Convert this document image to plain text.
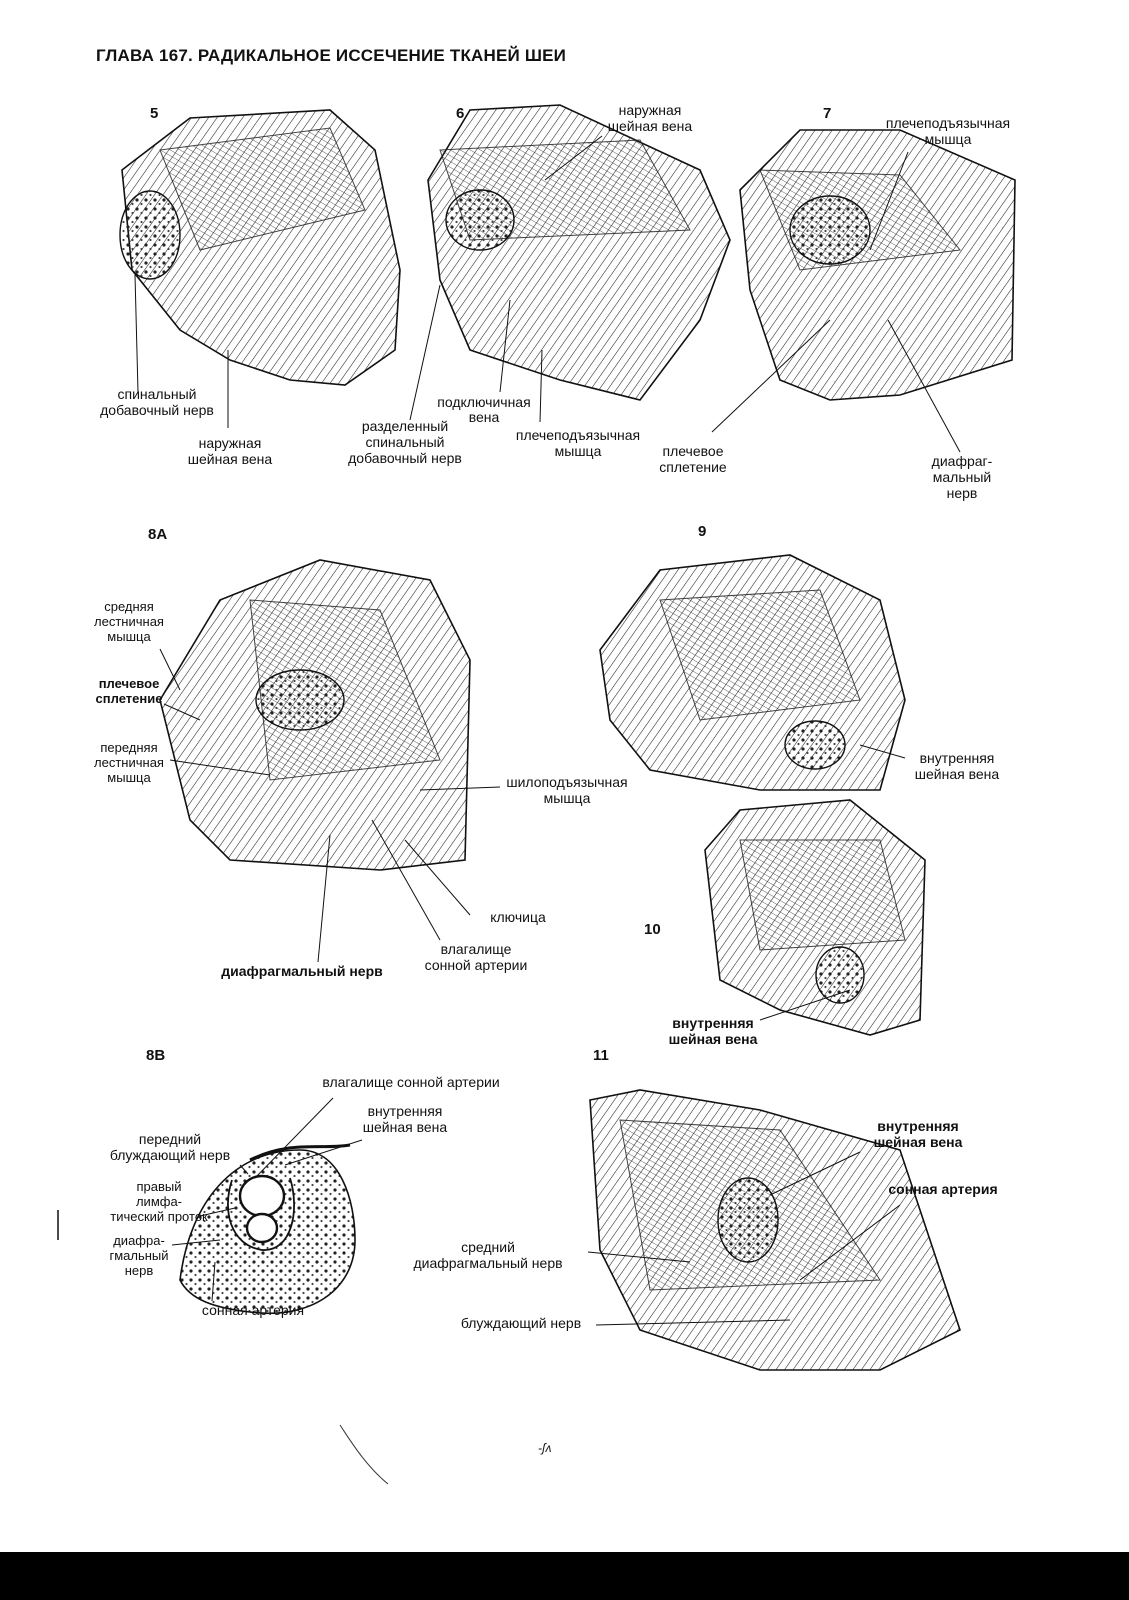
ГЛАВА 167. РАДИКАЛЬНОЕ ИССЕЧЕНИЕ ТКАНЕЙ ШЕИ
5
спинальный добавочный нерв
наружная шейная вена
6	наружная шейная вена
подключичная вена
разделенный спинальный добавочный нерв
плечеподъязычная мышца
7
плечеподъязычная мышца
плечевое сплетение	диафраг-мальный нерв
8А
средняя лестничная мышца
плечевое сплетение
передняя лестничная мышца	шилоподъязычная мышца
ключица
влагалище сонной артерии
диафрагмальный нерв
9
внутренняя шейная вена
10
внутренняя шейная вена
8В
влагалище сонной артерии
внутренняя шейная вена
передний блуждающий нерв
правый лимфа-тический проток
диафра-гмальный нерв
сонная артерия
11
внутренняя шейная вена
сонная артерия
средний диафрагмальный нерв
блуждающий нерв
-ʃʌ
